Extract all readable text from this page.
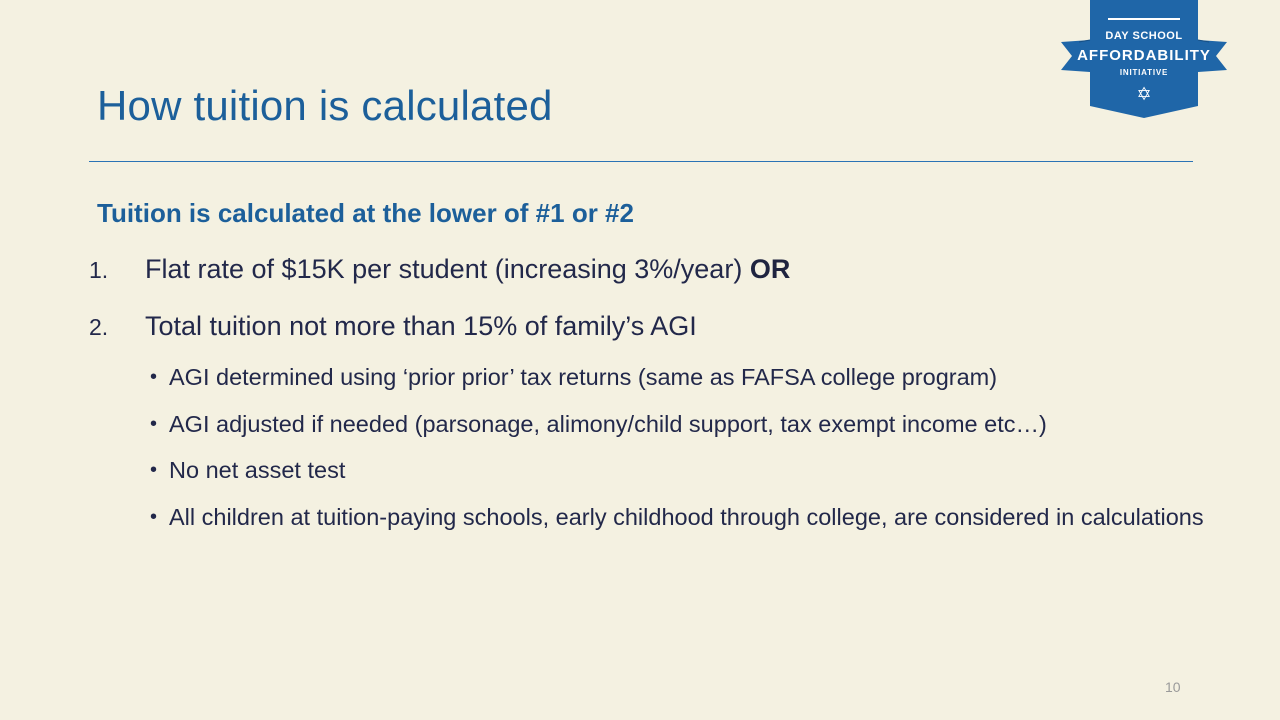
How tuition is calculated
Tuition is calculated at the lower of #1 or #2
1. Flat rate of $15K per student (increasing 3%/year) OR
2. Total tuition not more than 15% of family’s AGI
• AGI determined using ‘prior prior’ tax returns (same as FAFSA college program)
• AGI adjusted if needed (parsonage, alimony/child support, tax exempt income etc…)
• No net asset test
• All children at tuition-paying schools, early childhood through college, are considered in calculations
10
DAY SCHOOL
AFFORDABILITY
INITIATIVE
✡
